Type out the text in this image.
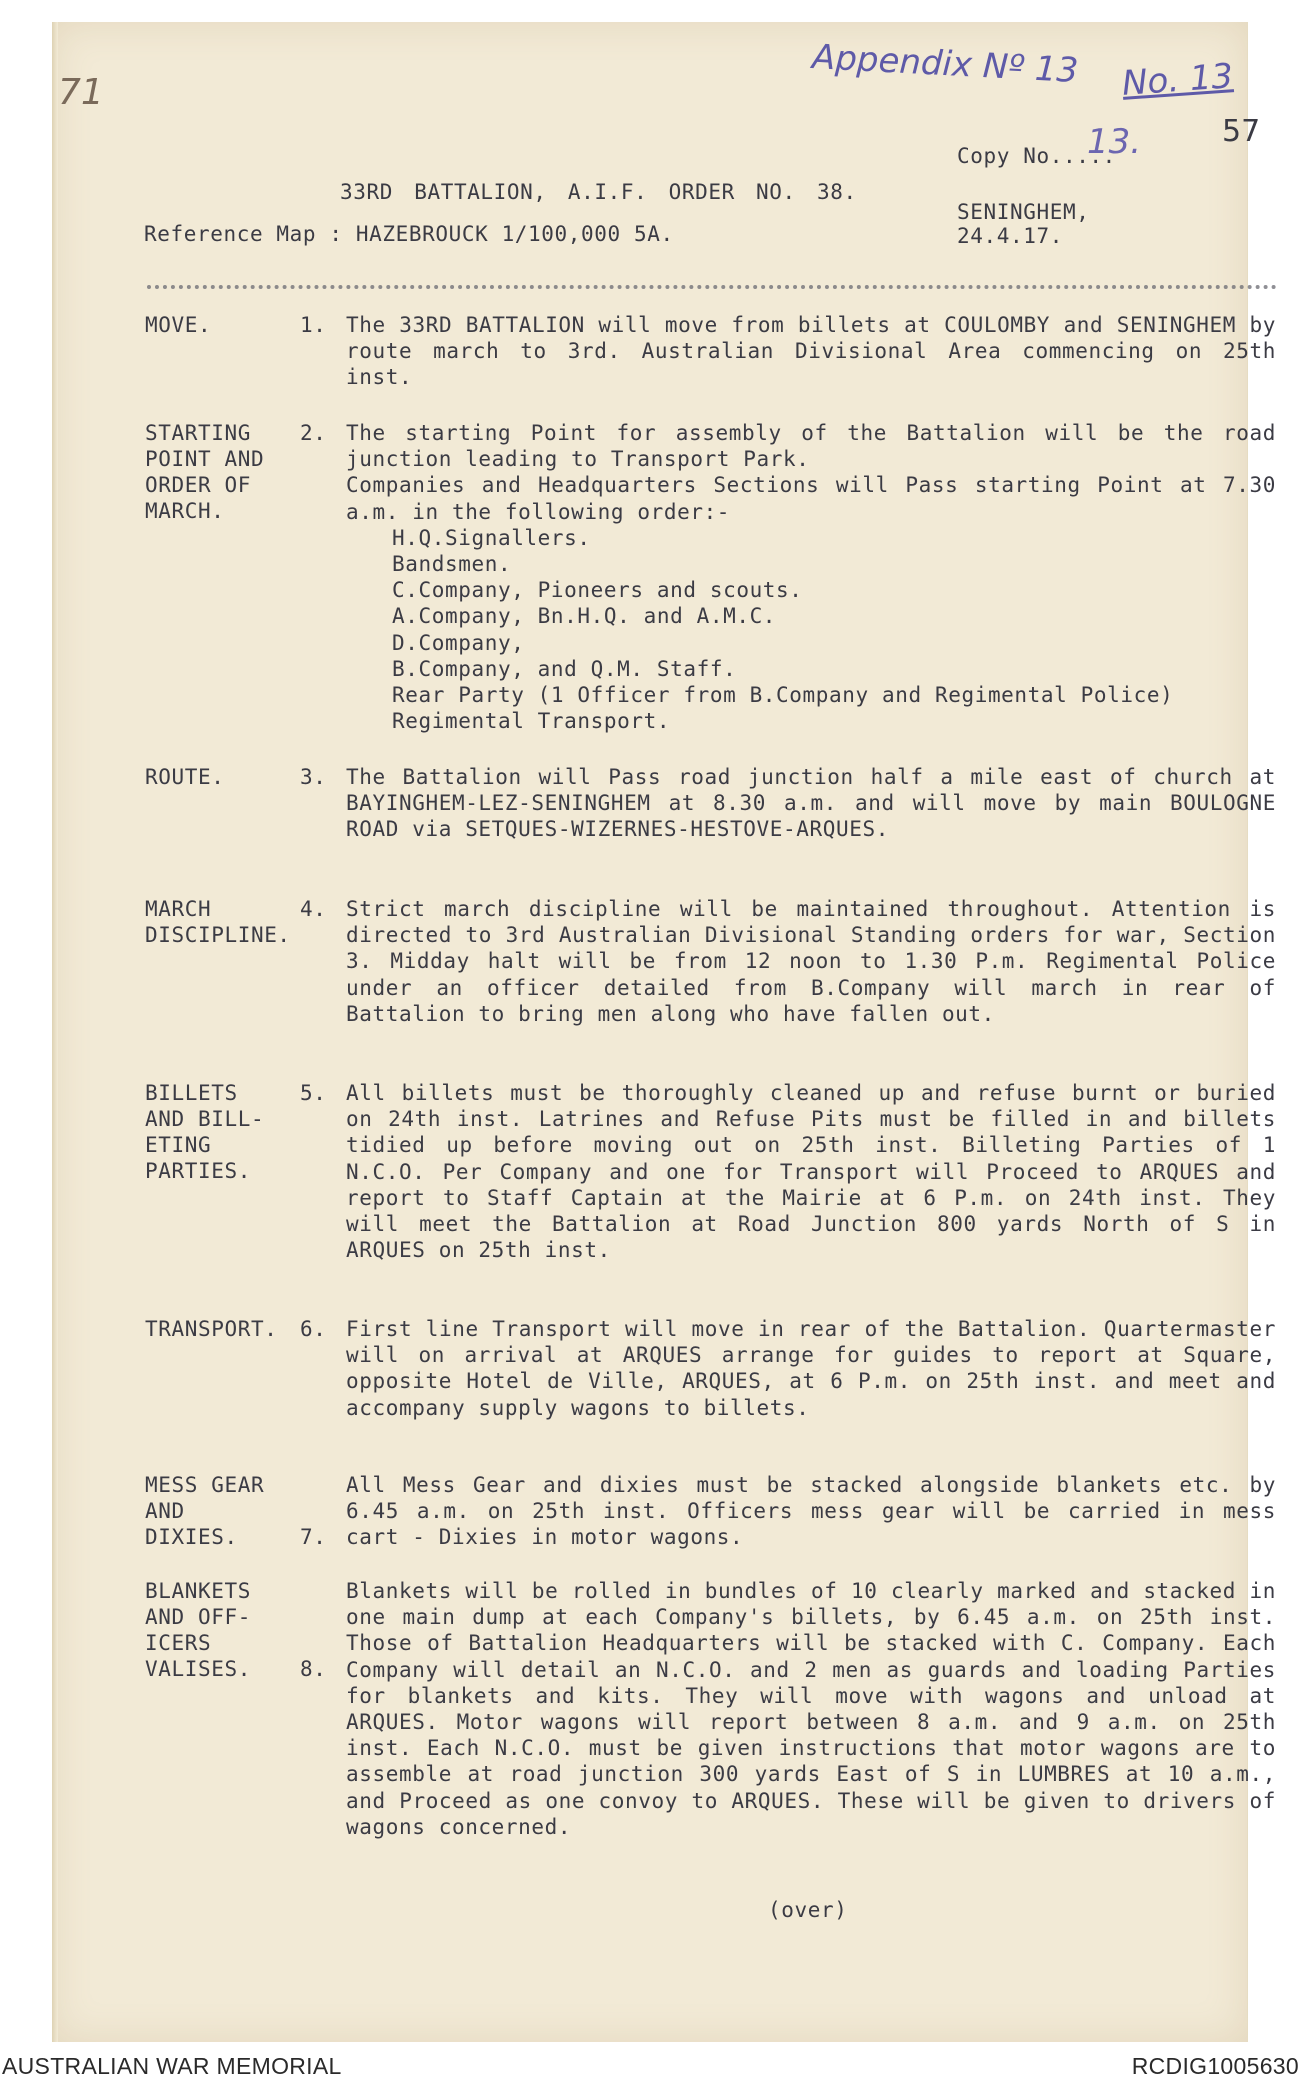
71
Appendix Nº 13 No. 13
57
13.
Copy No.....
33RD BATTALION, A.I.F. ORDER NO. 38.
SENINGHEM,
Reference Map : HAZEBROUCK 1/100,000 5A.	24.4.17.
MOVE.	1. The 33RD BATTALION will move from billets at COULOMBY and SENINGHEM by route march to 3rd. Australian Divisional Area commencing on 25th inst.

STARTING
POINT AND
ORDER OF
MARCH.
2. The starting Point for assembly of the Battalion will be the road junction leading to Transport Park.

Companies and Headquarters Sections will Pass starting Point at 7.30 a.m. in the following order:-

H.Q.Signallers.
Bandsmen.
C.Company, Pioneers and scouts.
A.Company, Bn.H.Q. and A.M.C.
D.Company,
B.Company, and Q.M. Staff.
Rear Party (1 Officer from B.Company and Regimental Police)
Regimental Transport.
ROUTE.	3. The Battalion will Pass road junction half a mile east of church at BAYINGHEM-LEZ-SENINGHEM at 8.30 a.m. and will move by main BOULOGNE ROAD via SETQUES-WIZERNES-HESTOVE-ARQUES.

MARCH
DISCIPLINE.
4. Strict march discipline will be maintained throughout. Attention is directed to 3rd Australian Divisional Standing orders for war, Section 3. Midday halt will be from 12 noon to 1.30 P.m. Regimental Police under an officer detailed from B.Company will march in rear of Battalion to bring men along who have fallen out.

BILLETS
AND BILL-
ETING
PARTIES.
5. All billets must be thoroughly cleaned up and refuse burnt or buried on 24th inst. Latrines and Refuse Pits must be filled in and billets tidied up before moving out on 25th inst. Billeting Parties of 1 N.C.O. Per Company and one for Transport will Proceed to ARQUES and report to Staff Captain at the Mairie at 6 P.m. on 24th inst. They will meet the Battalion at Road Junction 800 yards North of S in ARQUES on 25th inst.

TRANSPORT. 6. First line Transport will move in rear of the Battalion. Quartermaster will on arrival at ARQUES arrange for guides to report at Square, opposite Hotel de Ville, ARQUES, at 6 P.m. on 25th inst. and meet and accompany supply wagons to billets.

MESS GEAR
AND
DIXIES.	7.

All Mess Gear and dixies must be stacked alongside blankets etc. by 6.45 a.m. on 25th inst. Officers mess gear will be carried in mess cart - Dixies in motor wagons.

BLANKETS
AND OFF-
ICERS
VALISES. 8.

Blankets will be rolled in bundles of 10 clearly marked and stacked in one main dump at each Company's billets, by 6.45 a.m. on 25th inst. Those of Battalion Headquarters will be stacked with C. Company. Each Company will detail an N.C.O. and 2 men as guards and loading Parties for blankets and kits. They will move with wagons and unload at ARQUES. Motor wagons will report between 8 a.m. and 9 a.m. on 25th inst. Each N.C.O. must be given instructions that motor wagons are to assemble at road junction 300 yards East of S in LUMBRES at 10 a.m., and Proceed as one convoy to ARQUES. These will be given to drivers of wagons concerned.

(over)
AUSTRALIAN WAR MEMORIAL	RCDIG1005630
